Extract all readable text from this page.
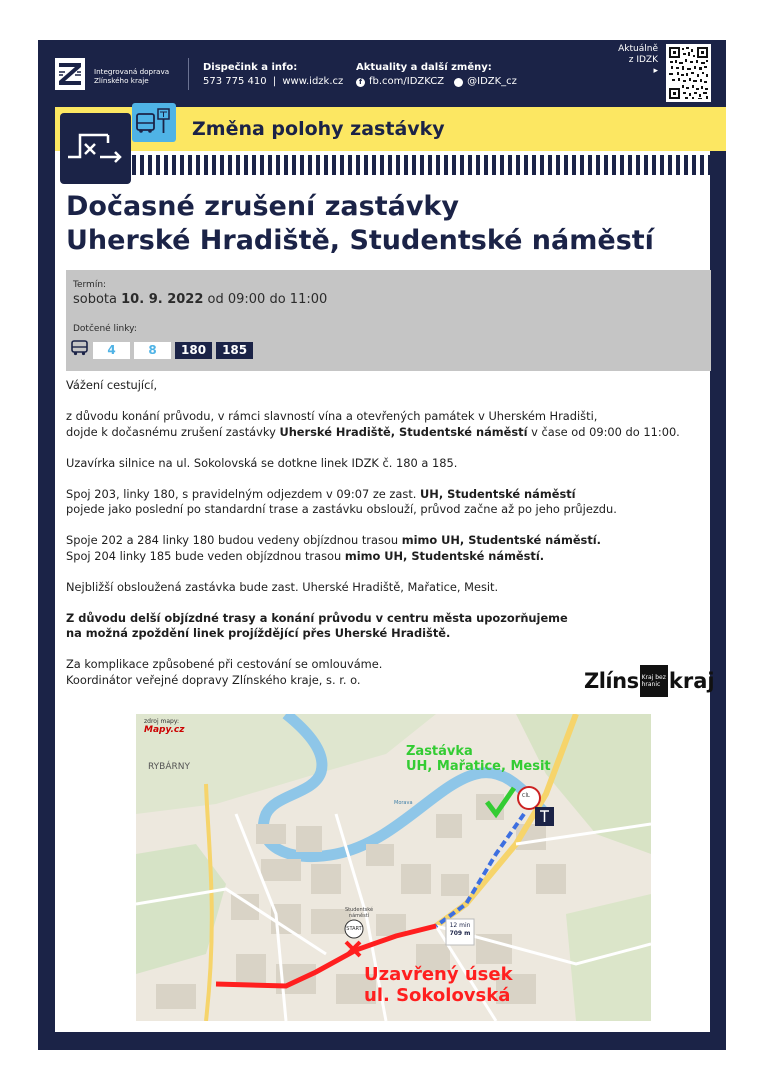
Integrovaná doprava
Zlínského kraje
Dispečink a info:
573 775 410 | www.idzk.cz
Aktuality a další změny:
f fb.com/IDZKCZ @IDZK_cz
Aktuálně
z IDZK
▸
Změna polohy zastávky
Dočasné zrušení zastávky
Uherské Hradiště, Studentské náměstí
Termín:
sobota 10. 9. 2022 od 09:00 do 11:00
Dotčené linky:
4	8	180	185

Vážení cestující,

z důvodu konání průvodu, v rámci slavností vína a otevřených památek v Uherském Hradišti,
dojde k dočasnému zrušení zastávky Uherské Hradiště, Studentské náměstí v čase od 09:00 do 11:00.

Uzavírka silnice na ul. Sokolovská se dotkne linek IDZK č. 180 a 185.

Spoj 203, linky 180, s pravidelným odjezdem v 09:07 ze zast. UH, Studentské náměstí
pojede jako poslední po standardní trase a zastávku obslouží, průvod začne až po jeho průjezdu.

Spoje 202 a 284 linky 180 budou vedeny objízdnou trasou mimo UH, Studentské náměstí.
Spoj 204 linky 185 bude veden objízdnou trasou mimo UH, Studentské náměstí.

Nejbližší obsloužená zastávka bude zast. Uherské Hradiště, Mařatice, Mesit.

Z důvodu delší objízdné trasy a konání průvodu v centru města upozorňujeme
na možná zpoždění linek projíždějící přes Uherské Hradiště.

Za komplikace způsobené při cestování se omlouváme.
Koordinátor veřejné dopravy Zlínského kraje, s. r. o.	Zlíns Kraj bez
hranic kraj
zdroj mapy:
Mapy.cz
RYBÁRNY
Morava
Zastávka
UH, Mařatice, Mesit
CÍL
12 min
709 m
START
Studentské náměstí
Uzavřený úsek
ul. Sokolovská
